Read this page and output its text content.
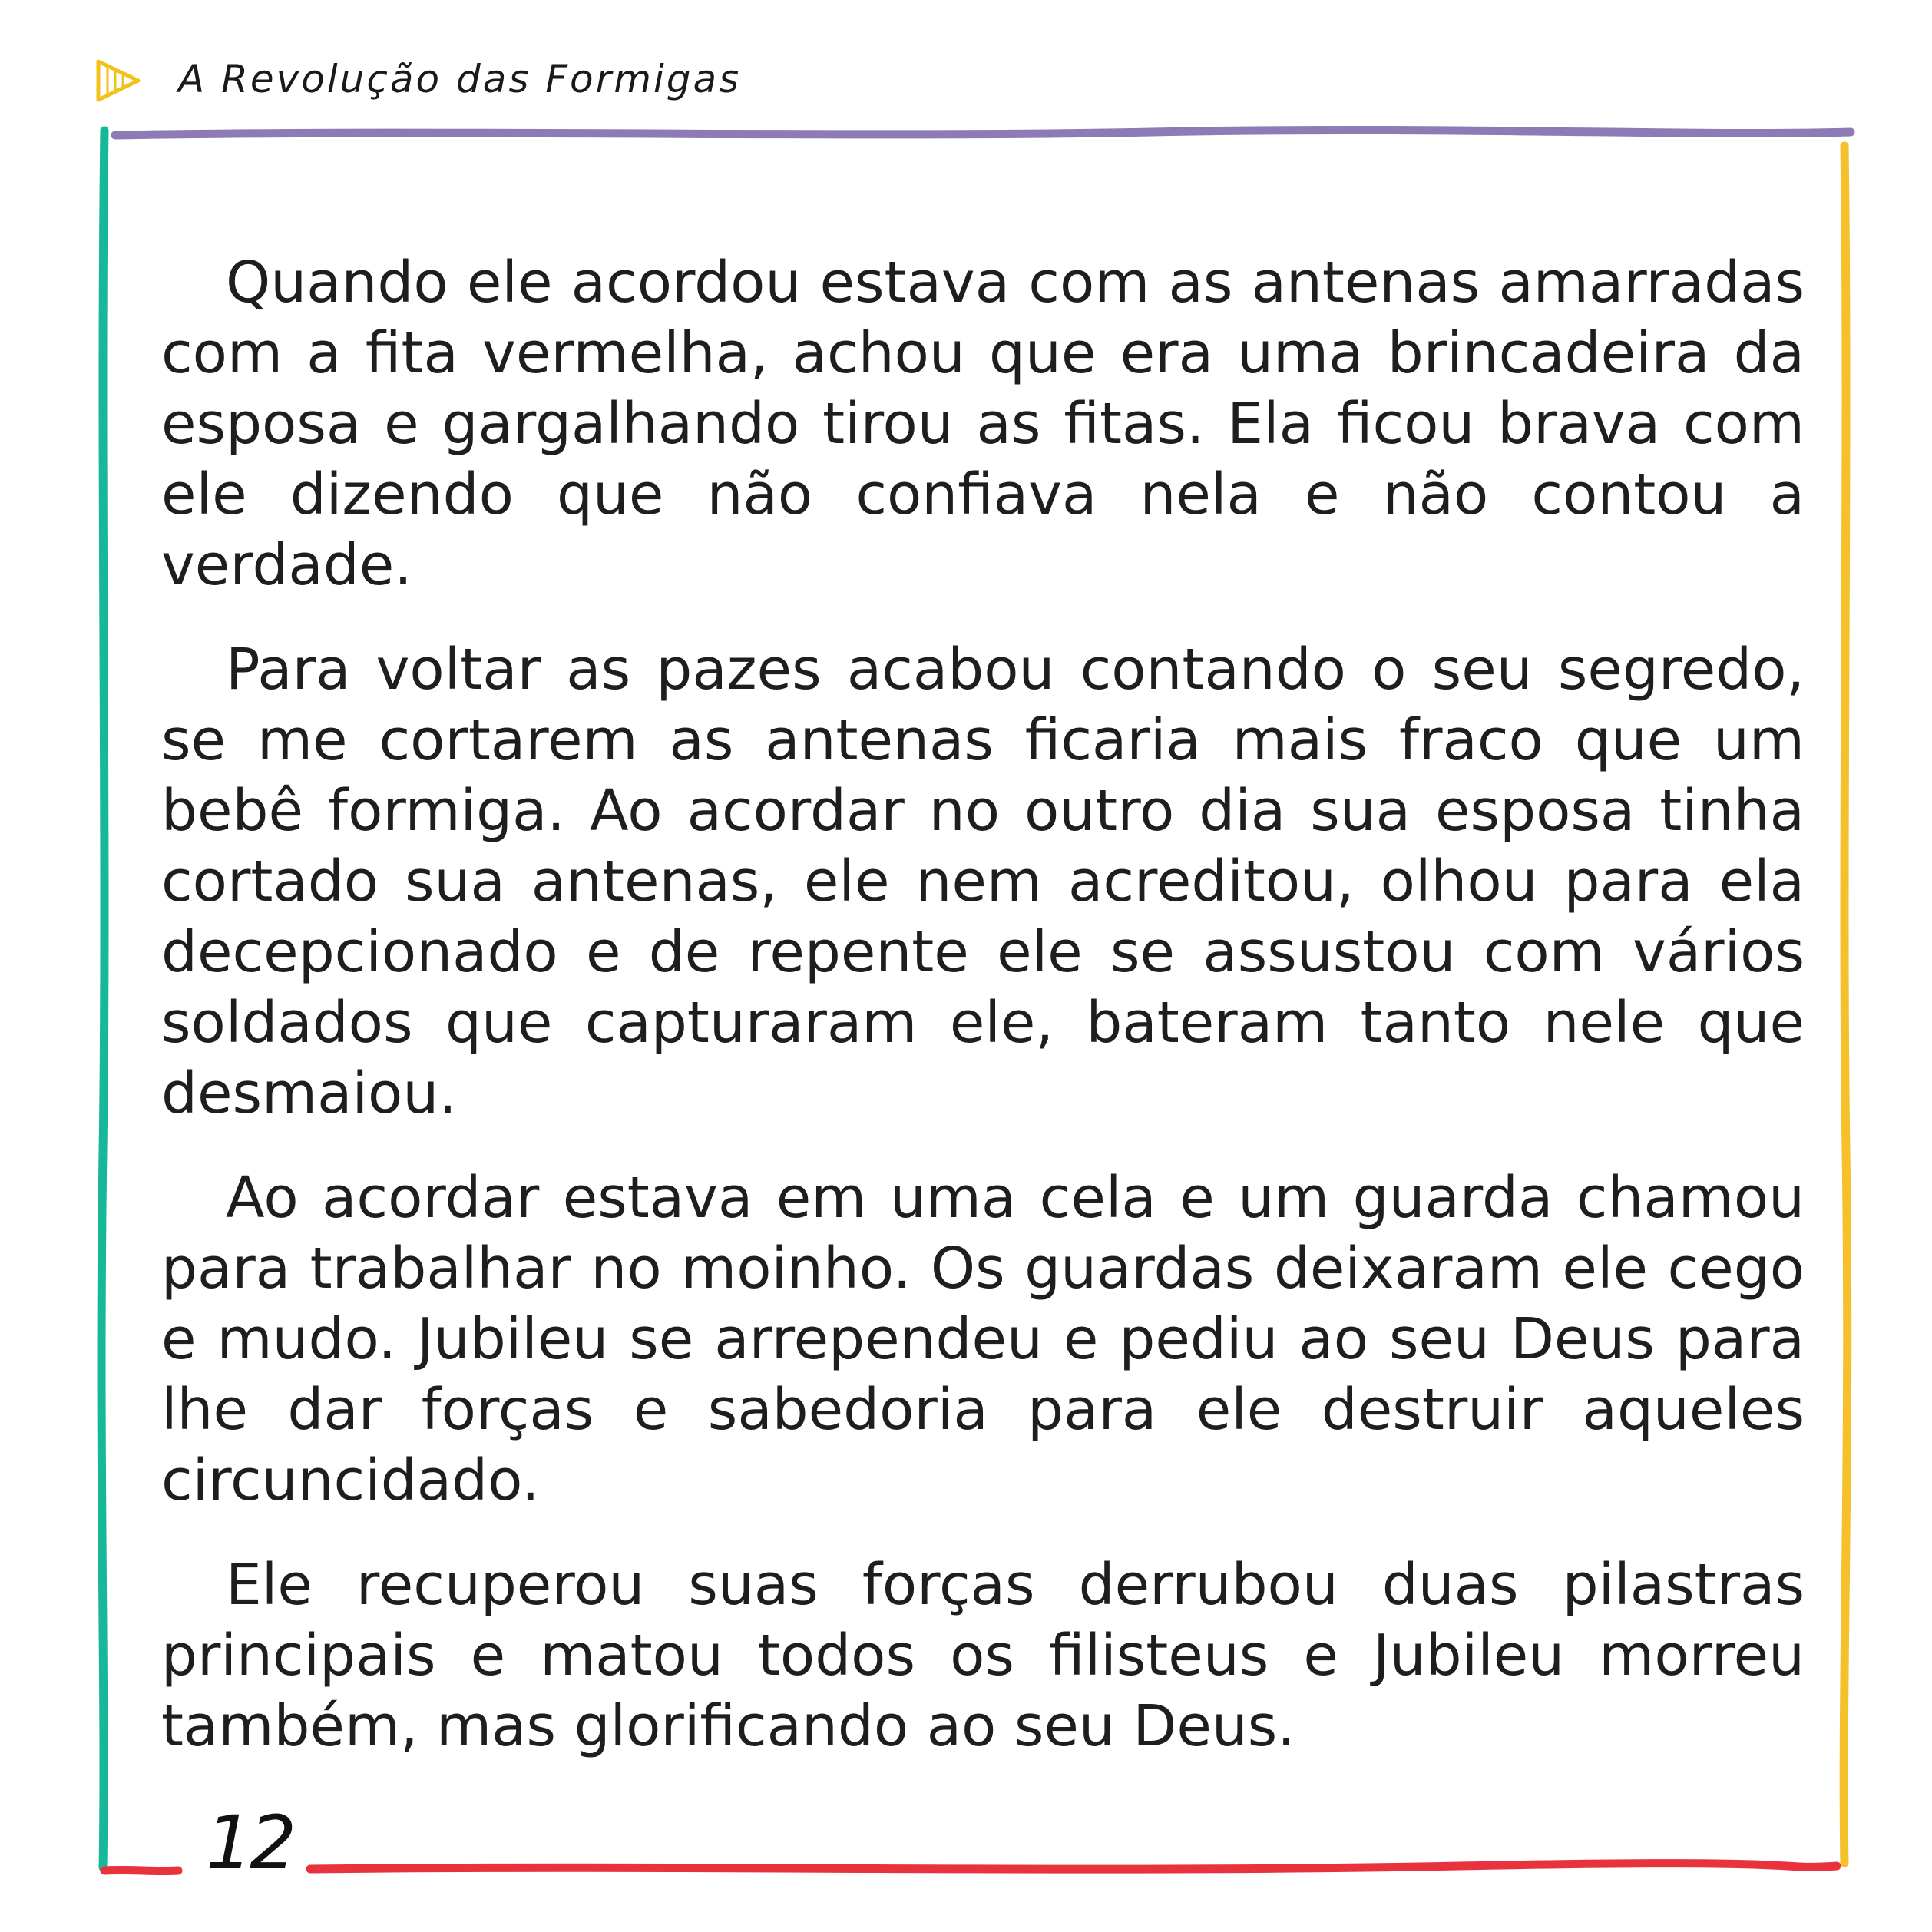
A Revolução das Formigas
12

Quando ele acordou estava com as antenas amarradas com a fita vermelha, achou que era uma brincadeira da esposa e gargalhando tirou as fitas. Ela ficou brava com ele dizendo que não confiava nela e não contou a verdade.

Para voltar as pazes acabou contando o seu segredo, se me cortarem as antenas ficaria mais fraco que um bebê formiga. Ao acordar no outro dia sua esposa tinha cortado sua antenas, ele nem acreditou, olhou para ela decepcionado e de repente ele se assustou com vários soldados que capturaram ele, bateram tanto nele que desmaiou.

Ao acordar estava em uma cela e um guarda chamou para trabalhar no moinho. Os guardas deixaram ele cego e mudo. Jubileu se arrependeu e pediu ao seu Deus para lhe dar forças e sabedoria para ele destruir aqueles circuncidado.

Ele recuperou suas forças derrubou duas pilastras principais e matou todos os filisteus e Jubileu morreu também, mas glorificando ao seu Deus.
